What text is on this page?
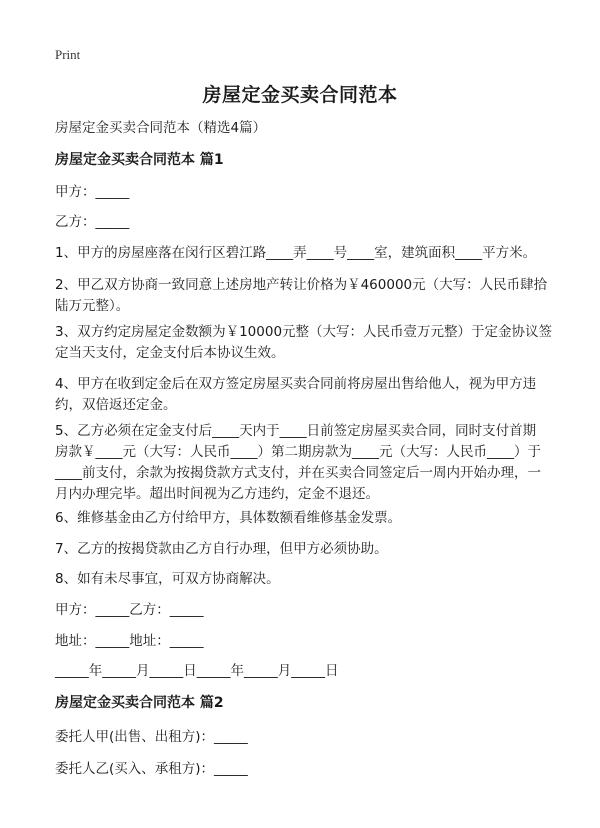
Print
房屋定金买卖合同范本
房屋定金买卖合同范本（精选4篇）
房屋定金买卖合同范本 篇1
甲方：_____
乙方：_____
1、甲方的房屋座落在闵行区碧江路____弄____号____室，建筑面积____平方米。
2、甲乙双方协商一致同意上述房地产转让价格为￥460000元（大写：人民币肆拾
陆万元整）。
3、双方约定房屋定金数额为￥10000元整（大写：人民币壹万元整）于定金协议签
定当天支付，定金支付后本协议生效。
4、甲方在收到定金后在双方签定房屋买卖合同前将房屋出售给他人，视为甲方违
约，双倍返还定金。
5、乙方必须在定金支付后____天内于____日前签定房屋买卖合同，同时支付首期
房款￥____元（大写：人民币____）第二期房款为____元（大写：人民币____）于
____前支付，余款为按揭贷款方式支付，并在买卖合同签定后一周内开始办理，一
月内办理完毕。超出时间视为乙方违约，定金不退还。
6、维修基金由乙方付给甲方，具体数额看维修基金发票。
7、乙方的按揭贷款由乙方自行办理，但甲方必须协助。
8、如有未尽事宜，可双方协商解决。
甲方：_____乙方：_____
地址：_____地址：_____
_____年_____月_____日_____年_____月_____日
房屋定金买卖合同范本 篇2
委托人甲(出售、出租方)：_____
委托人乙(买入、承租方)：_____
